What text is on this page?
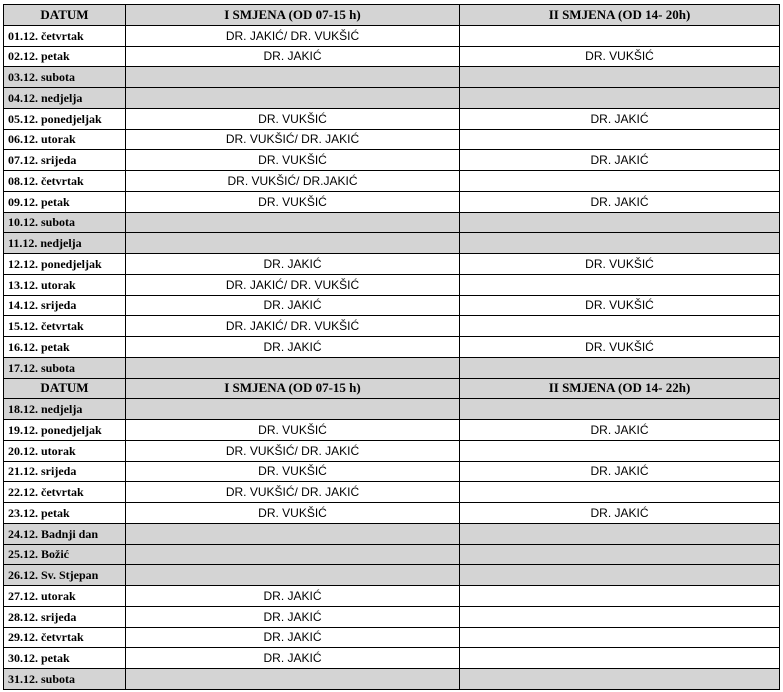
DATUM	I SMJENA (OD 07-15 h)	II SMJENA (OD 14- 20h)
01.12. četvrtak	DR. JAKIĆ/ DR. VUKŠIĆ	
02.12. petak	DR. JAKIĆ	DR. VUKŠIĆ
03.12. subota		
04.12. nedjelja		
05.12. ponedjeljak	DR. VUKŠIĆ	DR. JAKIĆ
06.12. utorak	DR. VUKŠIĆ/ DR. JAKIĆ	
07.12. srijeda	DR. VUKŠIĆ	DR. JAKIĆ
08.12. četvrtak	DR. VUKŠIĆ/ DR.JAKIĆ	
09.12. petak	DR. VUKŠIĆ	DR. JAKIĆ
10.12. subota		
11.12. nedjelja		
12.12. ponedjeljak	DR. JAKIĆ	DR. VUKŠIĆ
13.12. utorak	DR. JAKIĆ/ DR. VUKŠIĆ	
14.12. srijeda	DR. JAKIĆ	DR. VUKŠIĆ
15.12. četvrtak	DR. JAKIĆ/ DR. VUKŠIĆ	
16.12. petak	DR. JAKIĆ	DR. VUKŠIĆ
17.12. subota		
DATUM	I SMJENA (OD 07-15 h)	II SMJENA (OD 14- 22h)
18.12. nedjelja		
19.12. ponedjeljak	DR. VUKŠIĆ	DR. JAKIĆ
20.12. utorak	DR. VUKŠIĆ/ DR. JAKIĆ	
21.12. srijeda	DR. VUKŠIĆ	DR. JAKIĆ
22.12. četvrtak	DR. VUKŠIĆ/ DR. JAKIĆ	
23.12. petak	DR. VUKŠIĆ	DR. JAKIĆ
24.12. Badnji dan		
25.12. Božić		
26.12. Sv. Stjepan		
27.12. utorak	DR. JAKIĆ	
28.12. srijeda	DR. JAKIĆ	
29.12. četvrtak	DR. JAKIĆ	
30.12. petak	DR. JAKIĆ	
31.12. subota		
